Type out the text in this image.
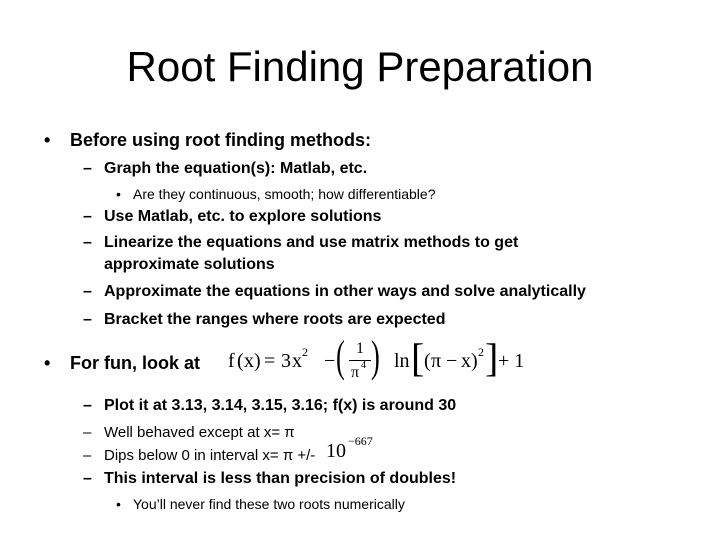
Root Finding Preparation
• Before using root finding methods:
– Graph the equation(s): Matlab, etc.
• Are they continuous, smooth; how differentiable?
– Use Matlab, etc. to explore solutions
– Linearize the equations and use matrix methods to get
approximate solutions
– Approximate the equations in other ways and solve analytically
– Bracket the ranges where roots are expected
• For fun, look at f ( x ) = 3 x 2 − ( 1
π 4 ) ln [ ( π − x ) 2 ] + 1
– Plot it at 3.13, 3.14, 3.15, 3.16; f(x) is around 30
– Well behaved except at x= π
– Dips below 0 in interval x= π +/- 10 −667
– This interval is less than precision of doubles!
• You’ll never find these two roots numerically
